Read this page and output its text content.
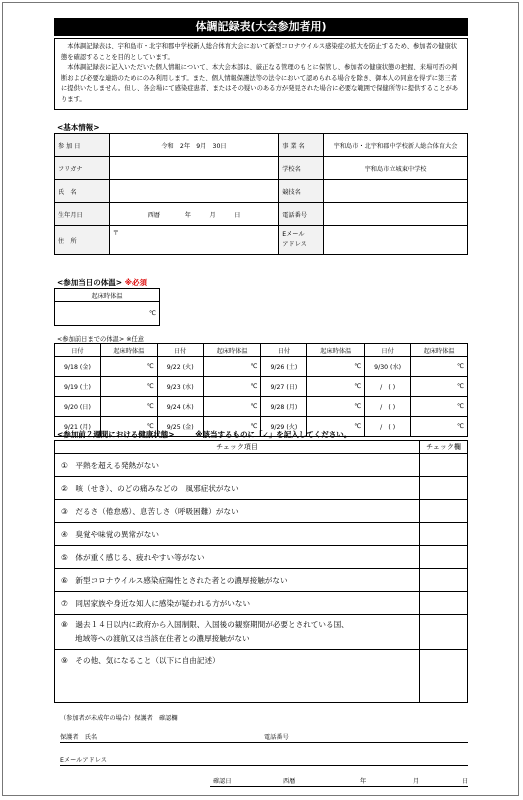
体調記録表(大会参加者用)

本体調記録表は、宇和島市・北宇和郡中学校新人総合体育大会において新型コロナウイルス感染症の拡大を防止するため、参加者の健康状態を確認することを目的としています。

本体調記録表に記入いただいた個人情報について、本大会本部は、厳正なる管理のもとに保管し、参加者の健康状態の把握、来場可否の判断および必要な連絡のためにのみ利用します。また、個人情報保護法等の法令において認められる場合を除き、御本人の同意を得ずに第三者に提供いたしません。但し、各会場にて感染症患者、またはその疑いのある方が発見された場合に必要な範囲で保健所等に提供することがあります。

<基本情報>
参 加 日	令和　2年　9月　30日	事 業 名	宇和島市・北宇和郡中学校新人総合体育大会
フリガナ		学校名	宇和島市立城東中学校
氏　名		競技名	
生年月日	西暦　　　　年　　　月　　　日	電話番号	
住　所	〒	Eメール
アドレス	
<参加当日の体温> ※必須
起床時体温
℃
<参加前日までの体温> ※任意
日付	起床時体温	日付	起床時体温	日付	起床時体温	日付	起床時体温
9/18 (金)	℃	9/22 (火)	℃	9/26 (土)	℃	9/30 (水)	℃
9/19 (土)	℃	9/23 (水)	℃	9/27 (日)	℃	/　( )	℃
9/20 (日)	℃	9/24 (木)	℃	9/28 (月)	℃	/　( )	℃
9/21 (月)	℃	9/25 (金)	℃	9/29 (火)	℃	/　( )	℃
<参加前２週間における健康状態>	※該当するものに「✓」を記入してください。
チェック項目	チェック欄
①　平熱を超える発熱がない	
②　咳（せき）、のどの痛みなどの　風邪症状がない	
③　だるさ（倦怠感）、息苦しさ（呼吸困難）がない	
④　臭覚や味覚の異常がない	
⑤　体が重く感じる、疲れやすい等がない	
⑥　新型コロナウイルス感染症陽性とされた者との濃厚接触がない	
⑦　同居家族や身近な知人に感染が疑われる方がいない	

⑧　過去１４日以内に政府から入国制限、入国後の観察期間が必要とされている国、
地域等への渡航又は当該在住者との濃厚接触がない	

⑨　その他、気になること（以下に自由記述）	
（参加者が未成年の場合）保護者　確認欄
保護者　氏名	電話番号
Eメールアドレス
確認日	西暦	年	月	日
